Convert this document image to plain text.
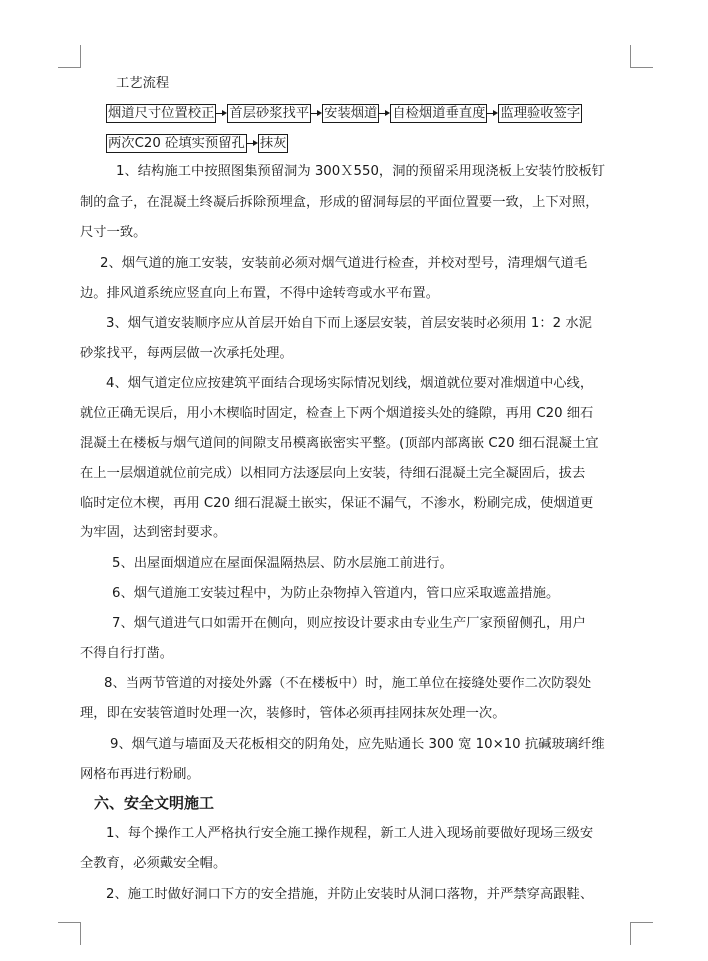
工艺流程
烟道尺寸位置校正 首层砂浆找平 安装烟道 自检烟道垂直度 监理验收签字
两次C20 砼填实预留孔 抹灰
1、结构施工中按照图集预留洞为 300Ｘ550，洞的预留采用现浇板上安装竹胶板钉
制的盒子，在混凝土终凝后拆除预埋盒，形成的留洞每层的平面位置要一致，上下对照，
尺寸一致。
2、烟气道的施工安装，安装前必须对烟气道进行检查，并校对型号，清理烟气道毛
边。排风道系统应竖直向上布置，不得中途转弯或水平布置。
3、烟气道安装顺序应从首层开始自下而上逐层安装，首层安装时必须用 1：2 水泥
砂浆找平，每两层做一次承托处理。
4、烟气道定位应按建筑平面结合现场实际情况划线，烟道就位要对准烟道中心线，
就位正确无误后，用小木楔临时固定，检查上下两个烟道接头处的缝隙，再用 C20 细石
混凝土在楼板与烟气道间的间隙支吊模离嵌密实平整。(顶部内部离嵌 C20 细石混凝土宜
在上一层烟道就位前完成）以相同方法逐层向上安装，待细石混凝土完全凝固后，拔去
临时定位木楔，再用 C20 细石混凝土嵌实，保证不漏气，不渗水，粉刷完成，使烟道更
为牢固，达到密封要求。
5、出屋面烟道应在屋面保温隔热层、防水层施工前进行。
6、烟气道施工安装过程中，为防止杂物掉入管道内，管口应采取遮盖措施。
7、烟气道进气口如需开在侧向，则应按设计要求由专业生产厂家预留侧孔，用户
不得自行打凿。
8、当两节管道的对接处外露（不在楼板中）时，施工单位在接缝处要作二次防裂处
理，即在安装管道时处理一次，装修时，管体必须再挂网抹灰处理一次。
9、烟气道与墙面及天花板相交的阴角处，应先贴通长 300 宽 10×10 抗碱玻璃纤维
网格布再进行粉刷。
六、安全文明施工
1、每个操作工人严格执行安全施工操作规程，新工人进入现场前要做好现场三级安
全教育，必须戴安全帽。
2、施工时做好洞口下方的安全措施，并防止安装时从洞口落物，并严禁穿高跟鞋、
